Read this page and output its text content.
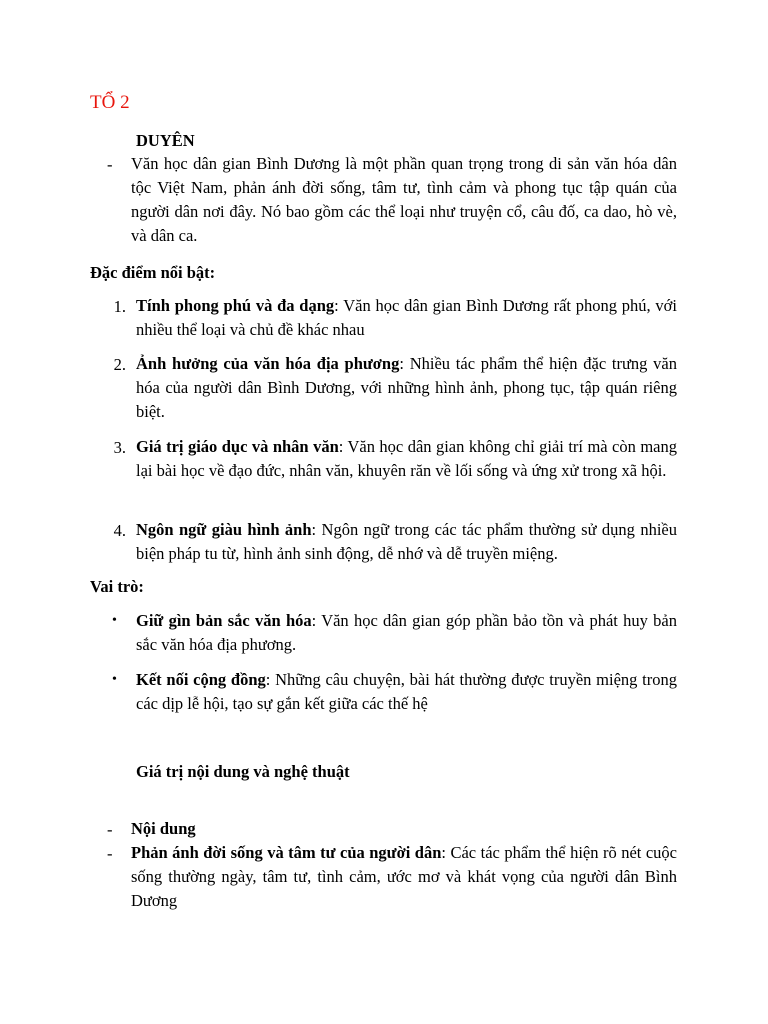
TỔ 2
DUYÊN
-	Văn học dân gian Bình Dương là một phần quan trọng trong di sản văn hóa dân tộc Việt Nam, phản ánh đời sống, tâm tư, tình cảm và phong tục tập quán của người dân nơi đây. Nó bao gồm các thể loại như truyện cổ, câu đố, ca dao, hò vè, và dân ca.

Đặc điểm nổi bật:
1. Tính phong phú và đa dạng: Văn học dân gian Bình Dương rất phong phú, với nhiều thể loại và chủ đề khác nhau

2. Ảnh hưởng của văn hóa địa phương: Nhiều tác phẩm thể hiện đặc trưng văn hóa của người dân Bình Dương, với những hình ảnh, phong tục, tập quán riêng biệt.

3. Giá trị giáo dục và nhân văn: Văn học dân gian không chỉ giải trí mà còn mang lại bài học về đạo đức, nhân văn, khuyên răn về lối sống và ứng xử trong xã hội.

4. Ngôn ngữ giàu hình ảnh: Ngôn ngữ trong các tác phẩm thường sử dụng nhiều biện pháp tu từ, hình ảnh sinh động, dễ nhớ và dễ truyền miệng.

Vai trò:
•	Giữ gìn bản sắc văn hóa: Văn học dân gian góp phần bảo tồn và phát huy bản sắc văn hóa địa phương.

•	Kết nối cộng đồng: Những câu chuyện, bài hát thường được truyền miệng trong các dịp lễ hội, tạo sự gắn kết giữa các thế hệ

Giá trị nội dung và nghệ thuật
-	Nội dung

-	Phản ánh đời sống và tâm tư của người dân: Các tác phẩm thể hiện rõ nét cuộc sống thường ngày, tâm tư, tình cảm, ước mơ và khát vọng của người dân Bình Dương
